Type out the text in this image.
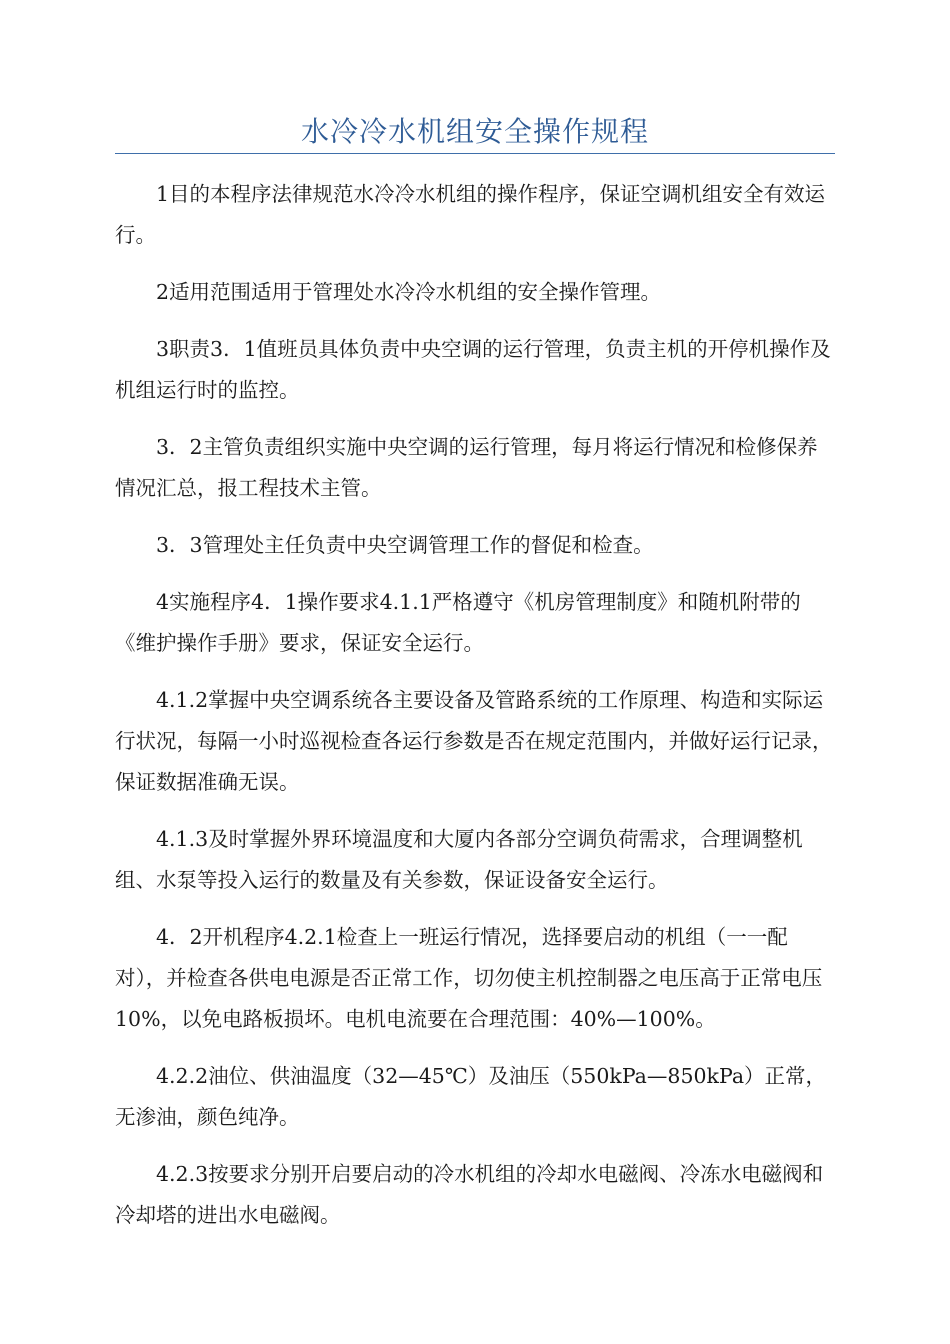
水冷冷水机组安全操作规程

1目的本程序法律规范水冷冷水机组的操作程序，保证空调机组安全有效运行。

2适用范围适用于管理处水冷冷水机组的安全操作管理。

3职责3．1值班员具体负责中央空调的运行管理，负责主机的开停机操作及机组运行时的监控。

3．2主管负责组织实施中央空调的运行管理，每月将运行情况和检修保养情况汇总，报工程技术主管。

3．3管理处主任负责中央空调管理工作的督促和检查。

4实施程序4．1操作要求4.1.1严格遵守《机房管理制度》和随机附带的《维护操作手册》要求，保证安全运行。

4.1.2掌握中央空调系统各主要设备及管路系统的工作原理、构造和实际运行状况，每隔一小时巡视检查各运行参数是否在规定范围内，并做好运行记录，保证数据准确无误。

4.1.3及时掌握外界环境温度和大厦内各部分空调负荷需求，合理调整机组、水泵等投入运行的数量及有关参数，保证设备安全运行。

4．2开机程序4.2.1检查上一班运行情况，选择要启动的机组（一一配对），并检查各供电电源是否正常工作，切勿使主机控制器之电压高于正常电压10%，以免电路板损坏。电机电流要在合理范围：40%—100%。

4.2.2油位、供油温度（32—45℃）及油压（550kPa—850kPa）正常，无渗油，颜色纯净。

4.2.3按要求分别开启要启动的冷水机组的冷却水电磁阀、冷冻水电磁阀和冷却塔的进出水电磁阀。
